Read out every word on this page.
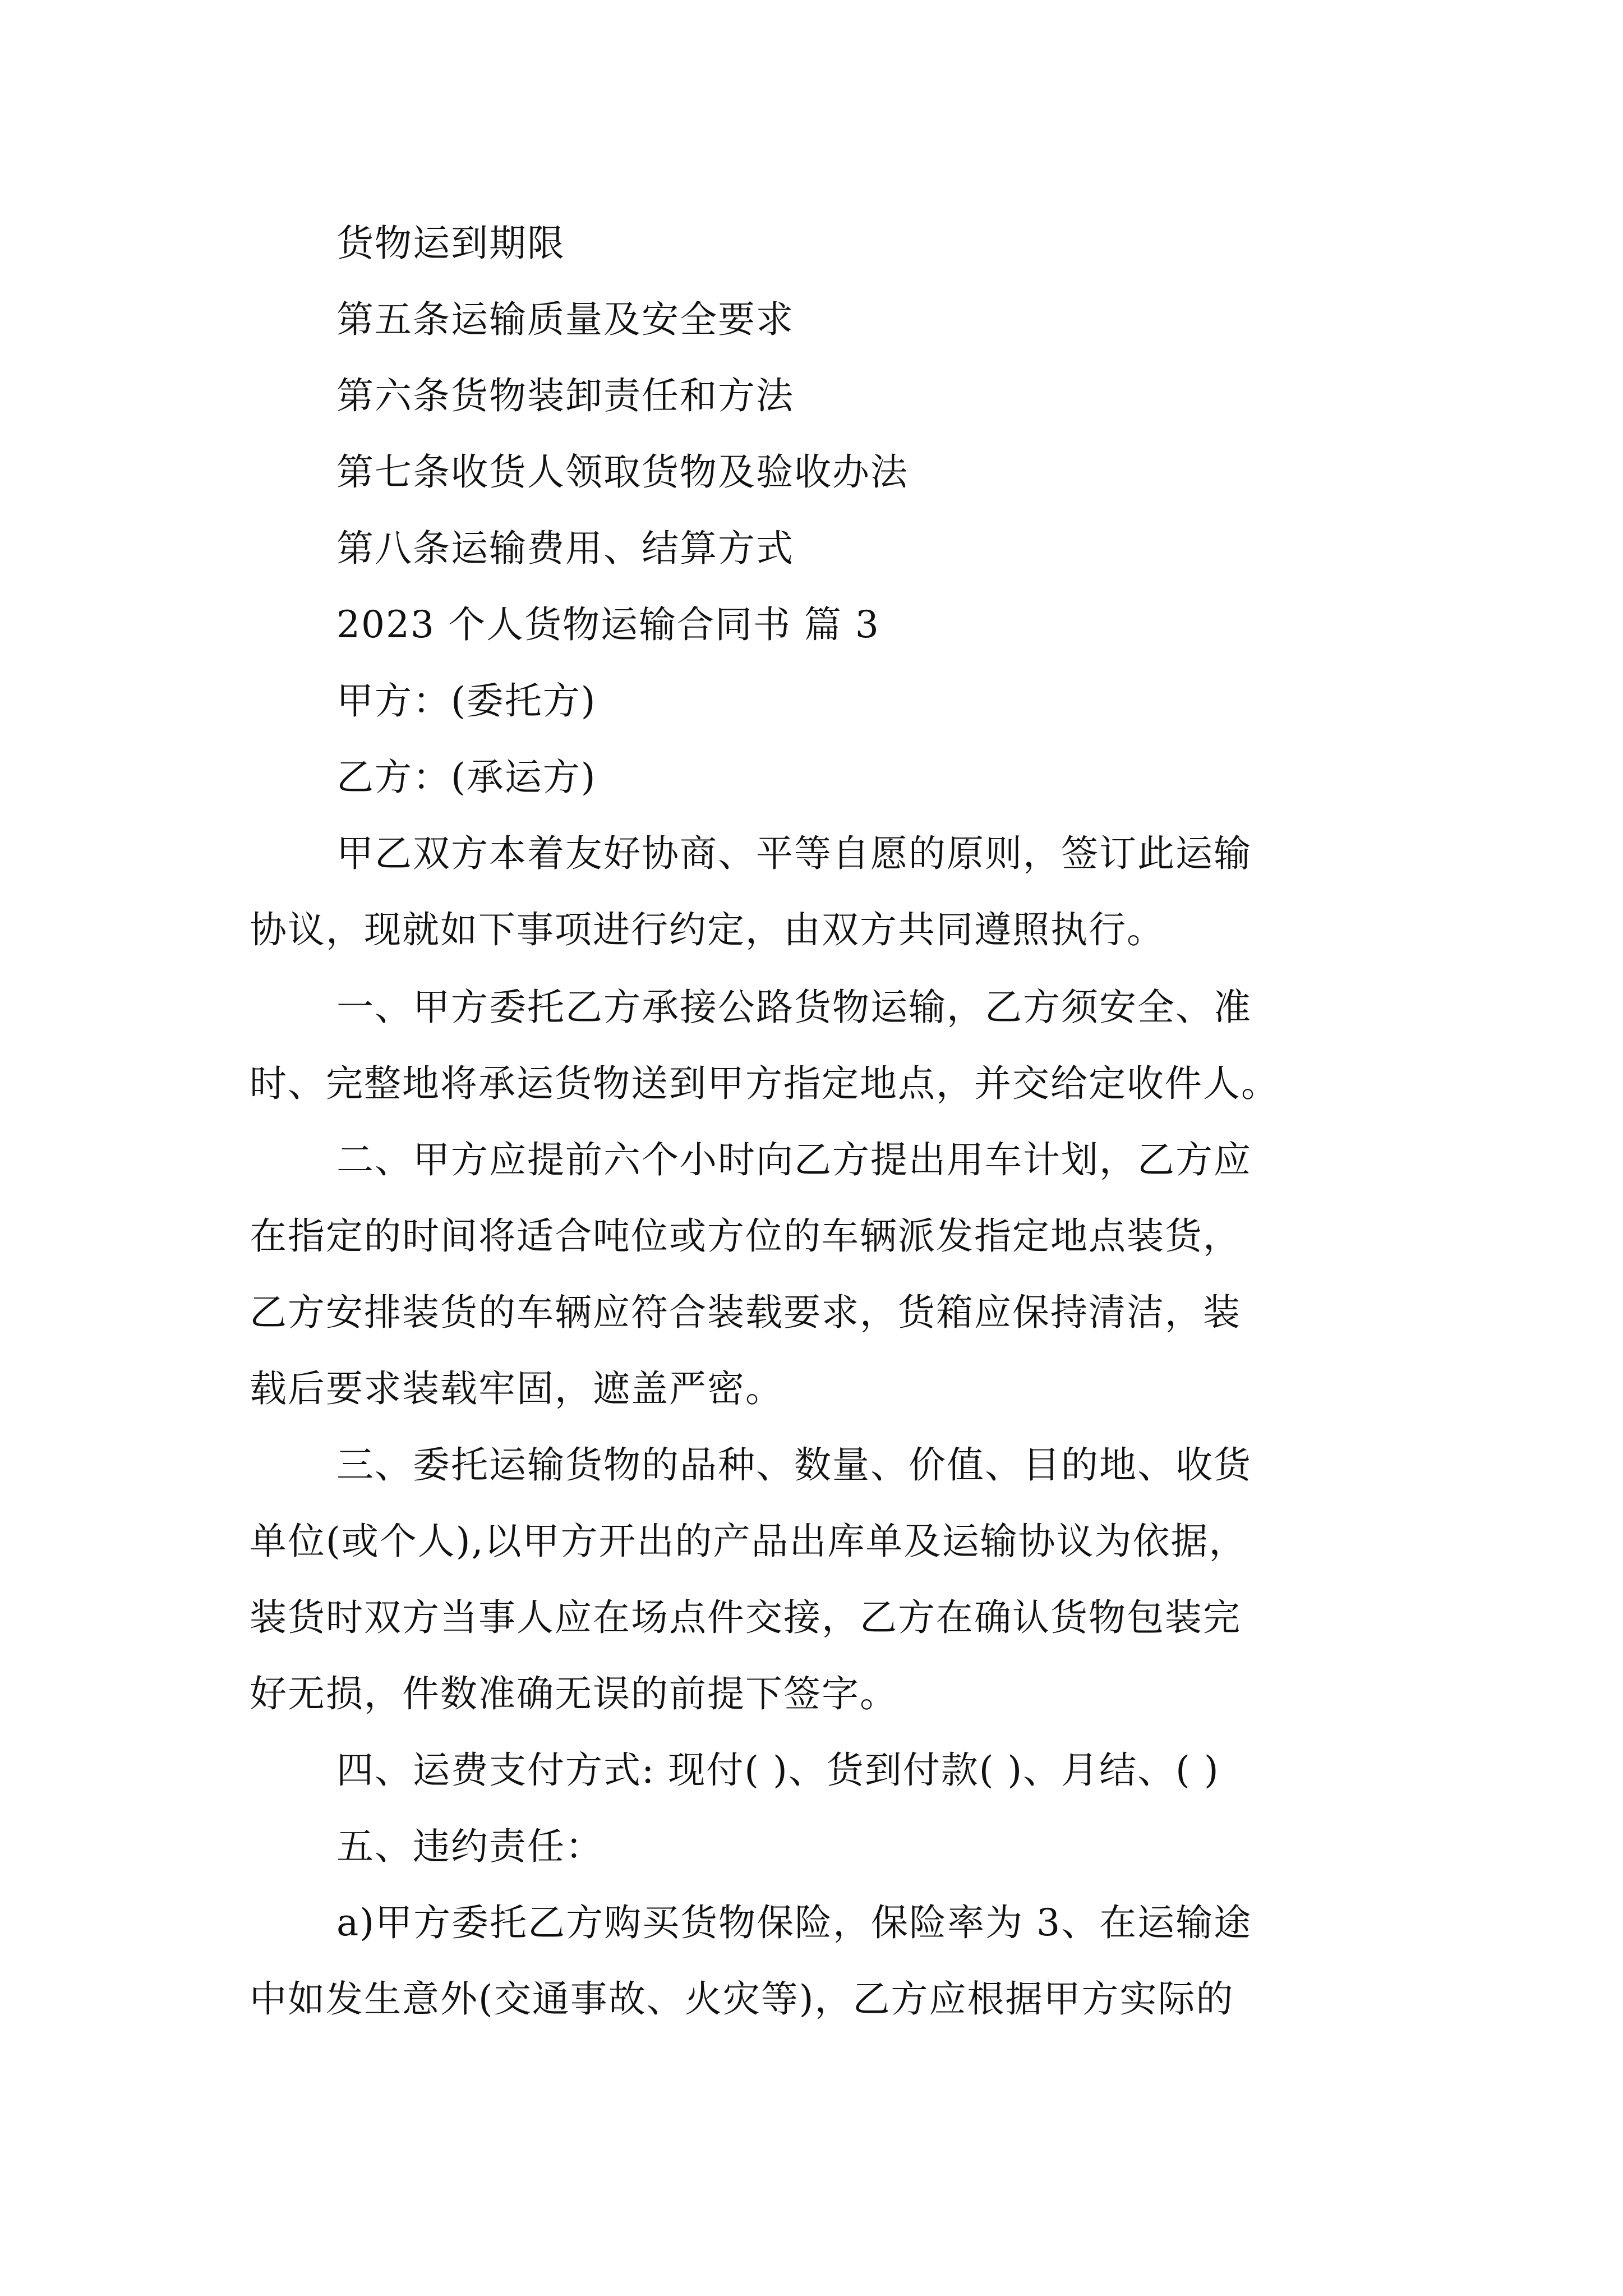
货物运到期限
第五条运输质量及安全要求
第六条货物装卸责任和方法
第七条收货人领取货物及验收办法
第八条运输费用、结算方式
2023 个人货物运输合同书 篇 3
甲方：(委托方)
乙方：(承运方)
甲乙双方本着友好协商、平等自愿的原则，签订此运输
协议，现就如下事项进行约定，由双方共同遵照执行。
一、甲方委托乙方承接公路货物运输，乙方须安全、准
时、完整地将承运货物送到甲方指定地点，并交给定收件人。
二、甲方应提前六个小时向乙方提出用车计划，乙方应
在指定的时间将适合吨位或方位的车辆派发指定地点装货，
乙方安排装货的车辆应符合装载要求，货箱应保持清洁，装
载后要求装载牢固，遮盖严密。
三、委托运输货物的品种、数量、价值、目的地、收货
单位(或个人),以甲方开出的产品出库单及运输协议为依据，
装货时双方当事人应在场点件交接，乙方在确认货物包装完
好无损，件数准确无误的前提下签字。
四、运费支付方式: 现付( )、货到付款( )、月结、( )
五、违约责任：
a)甲方委托乙方购买货物保险，保险率为 3、在运输途
中如发生意外(交通事故、火灾等)，乙方应根据甲方实际的
